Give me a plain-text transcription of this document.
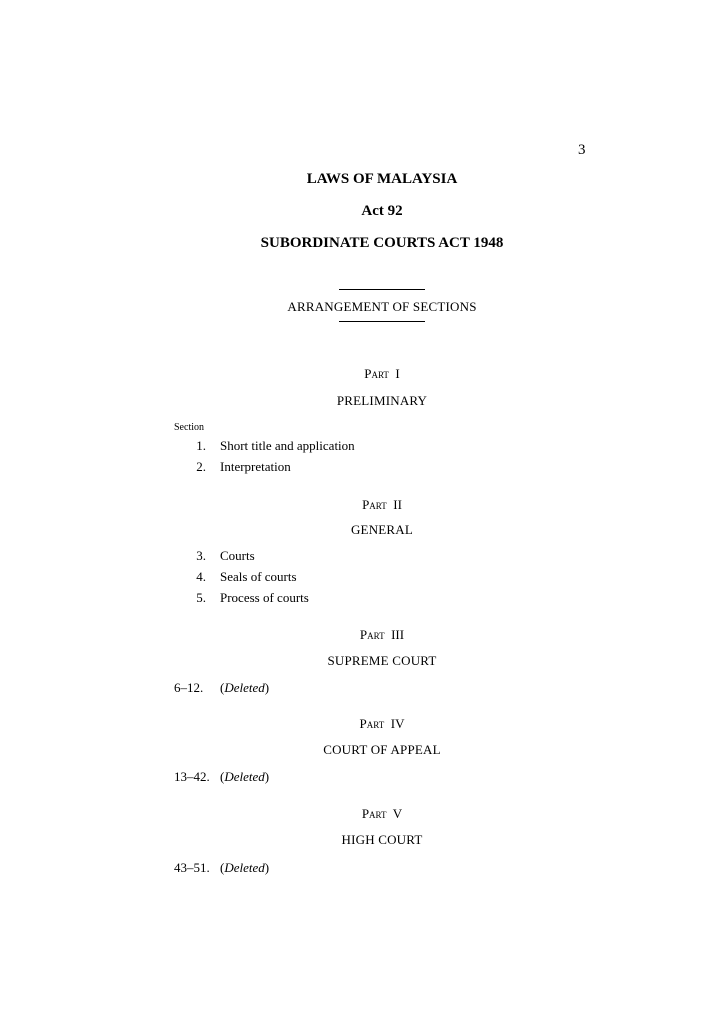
3
LAWS OF MALAYSIA
Act 92
SUBORDINATE COURTS ACT 1948
ARRANGEMENT OF SECTIONS
Part I
PRELIMINARY
Section
1. Short title and application
2. Interpretation
Part II
GENERAL
3. Courts
4. Seals of courts
5. Process of courts
Part III
SUPREME COURT
6–12. (Deleted)
Part IV
COURT OF APPEAL
13–42. (Deleted)
Part V
HIGH COURT
43–51. (Deleted)
